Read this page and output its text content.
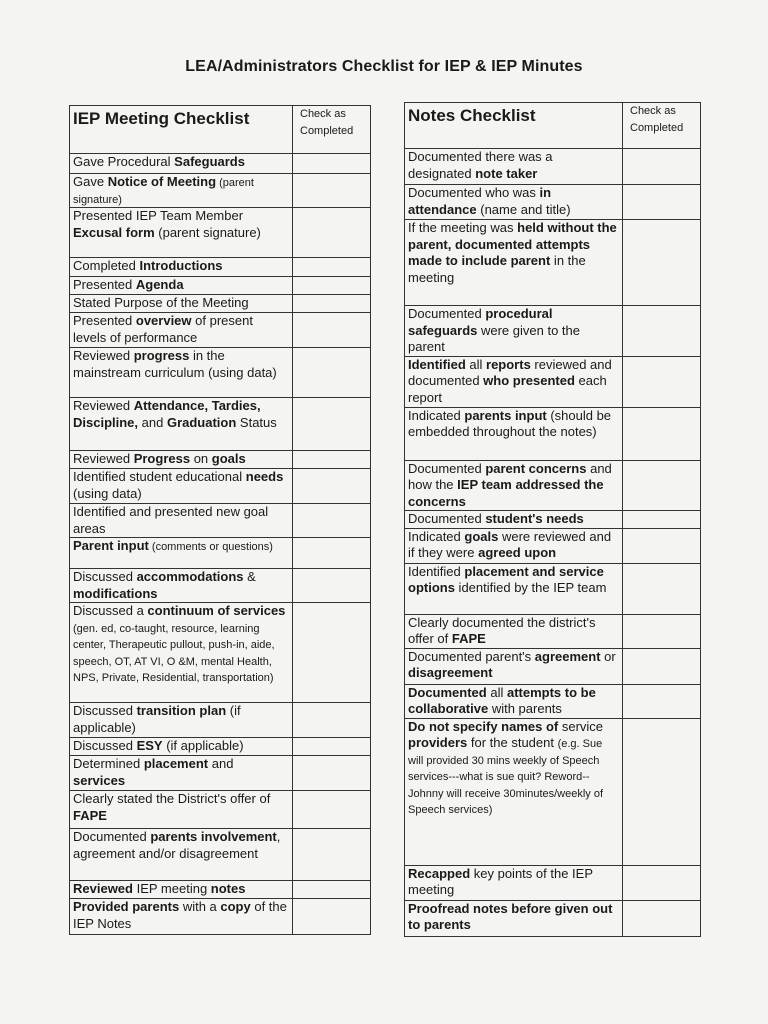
LEA/Administrators Checklist for IEP & IEP Minutes
IEP Meeting Checklist	Check as
Completed

Gave Procedural Safeguards	
Gave Notice of Meeting (parent signature)	
Presented IEP Team Member Excusal form (parent signature)	
Completed Introductions	
Presented Agenda	
Stated Purpose of the Meeting	
Presented overview of present levels of performance	
Reviewed progress in the mainstream curriculum (using data)	
Reviewed Attendance, Tardies, Discipline, and Graduation Status	
Reviewed Progress on goals	
Identified student educational needs (using data)	
Identified and presented new goal areas	
Parent input (comments or questions)	
Discussed accommodations & modifications	
Discussed a continuum of services (gen. ed, co-taught, resource, learning center, Therapeutic pullout, push-in, aide, speech, OT, AT VI, O &M, mental Health, NPS, Private, Residential, transportation)	
Discussed transition plan (if applicable)	
Discussed ESY (if applicable)	
Determined placement and services	
Clearly stated the District's offer of FAPE	
Documented parents involvement, agreement and/or disagreement	
Reviewed IEP meeting notes	
Provided parents with a copy of the IEP Notes	
Notes Checklist	Check as
Completed

Documented there was a designated note taker	
Documented who was in attendance (name and title)	
If the meeting was held without the parent, documented attempts made to include parent in the meeting	
Documented procedural safeguards were given to the parent	
Identified all reports reviewed and documented who presented each report	
Indicated parents input (should be embedded throughout the notes)	
Documented parent concerns and how the IEP team addressed the concerns	
Documented student's needs	
Indicated goals were reviewed and if they were agreed upon	
Identified placement and service options identified by the IEP team	
Clearly documented the district's offer of FAPE	
Documented parent's agreement or disagreement	
Documented all attempts to be collaborative with parents	
Do not specify names of service providers for the student (e.g. Sue will provided 30 mins weekly of Speech services---what is sue quit? Reword--Johnny will receive 30minutes/weekly of Speech services)	
Recapped key points of the IEP meeting	
Proofread notes before given out to parents	
